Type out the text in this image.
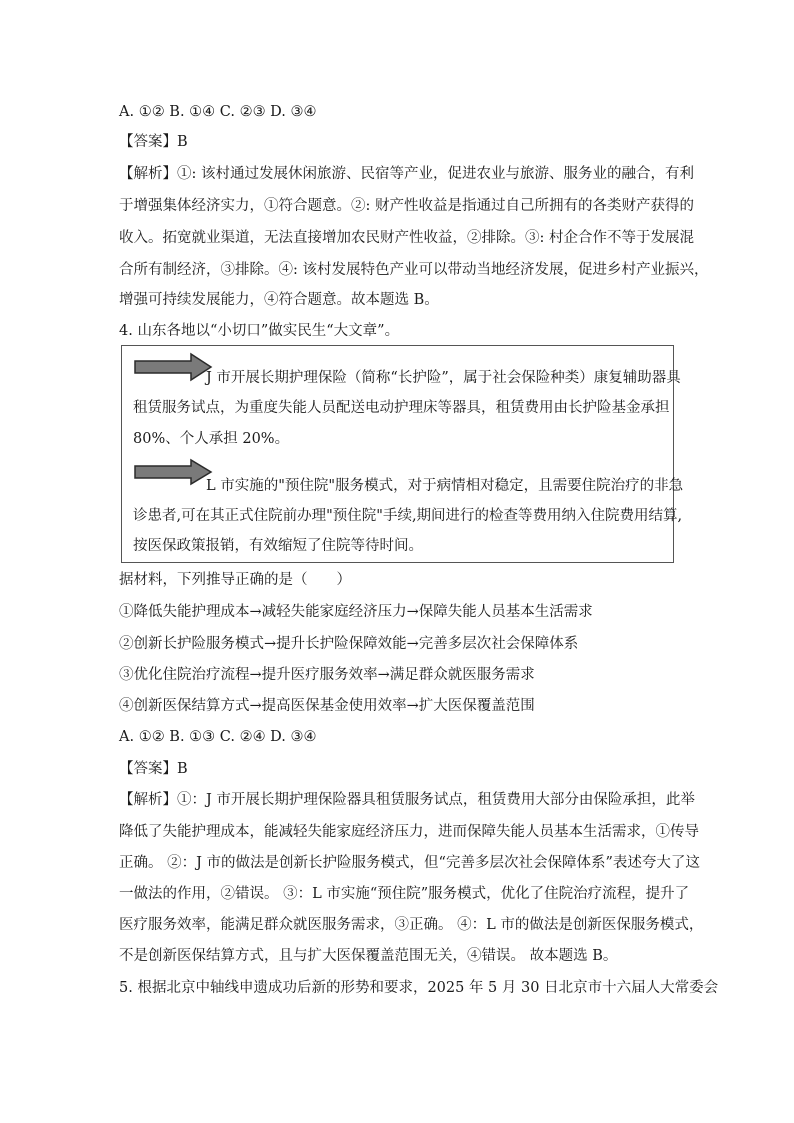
A. ①② B. ①④ C. ②③ D. ③④
【答案】B
【解析】①: 该村通过发展休闲旅游、民宿等产业，促进农业与旅游、服务业的融合，有利
于增强集体经济实力，①符合题意。②: 财产性收益是指通过自己所拥有的各类财产获得的
收入。拓宽就业渠道，无法直接增加农民财产性收益，②排除。③: 村企合作不等于发展混
合所有制经济，③排除。④: 该村发展特色产业可以带动当地经济发展，促进乡村产业振兴，
增强可持续发展能力，④符合题意。故本题选 B。
4. 山东各地以“小切口”做实民生“大文章”。
J 市开展长期护理保险（简称“长护险”，属于社会保险种类）康复辅助器具
租赁服务试点，为重度失能人员配送电动护理床等器具，租赁费用由长护险基金承担
80%、个人承担 20%。
L 市实施的"预住院"服务模式，对于病情相对稳定，且需要住院治疗的非急
诊患者,可在其正式住院前办理"预住院"手续,期间进行的检查等费用纳入住院费用结算,
按医保政策报销，有效缩短了住院等待时间。
据材料，下列推导正确的是（　　）
①降低失能护理成本→减轻失能家庭经济压力→保障失能人员基本生活需求
②创新长护险服务模式→提升长护险保障效能→完善多层次社会保障体系
③优化住院治疗流程→提升医疗服务效率→满足群众就医服务需求
④创新医保结算方式→提高医保基金使用效率→扩大医保覆盖范围
A. ①② B. ①③ C. ②④ D. ③④
【答案】B
【解析】①：J 市开展长期护理保险器具租赁服务试点，租赁费用大部分由保险承担，此举
降低了失能护理成本，能减轻失能家庭经济压力，进而保障失能人员基本生活需求，①传导
正确。 ②：J 市的做法是创新长护险服务模式，但“完善多层次社会保障体系”表述夸大了这
一做法的作用，②错误。 ③：L 市实施“预住院”服务模式，优化了住院治疗流程，提升了
医疗服务效率，能满足群众就医服务需求，③正确。 ④：L 市的做法是创新医保服务模式，
不是创新医保结算方式，且与扩大医保覆盖范围无关，④错误。 故本题选 B。
5. 根据北京中轴线申遗成功后新的形势和要求，2025 年 5 月 30 日北京市十六届人大常委会
